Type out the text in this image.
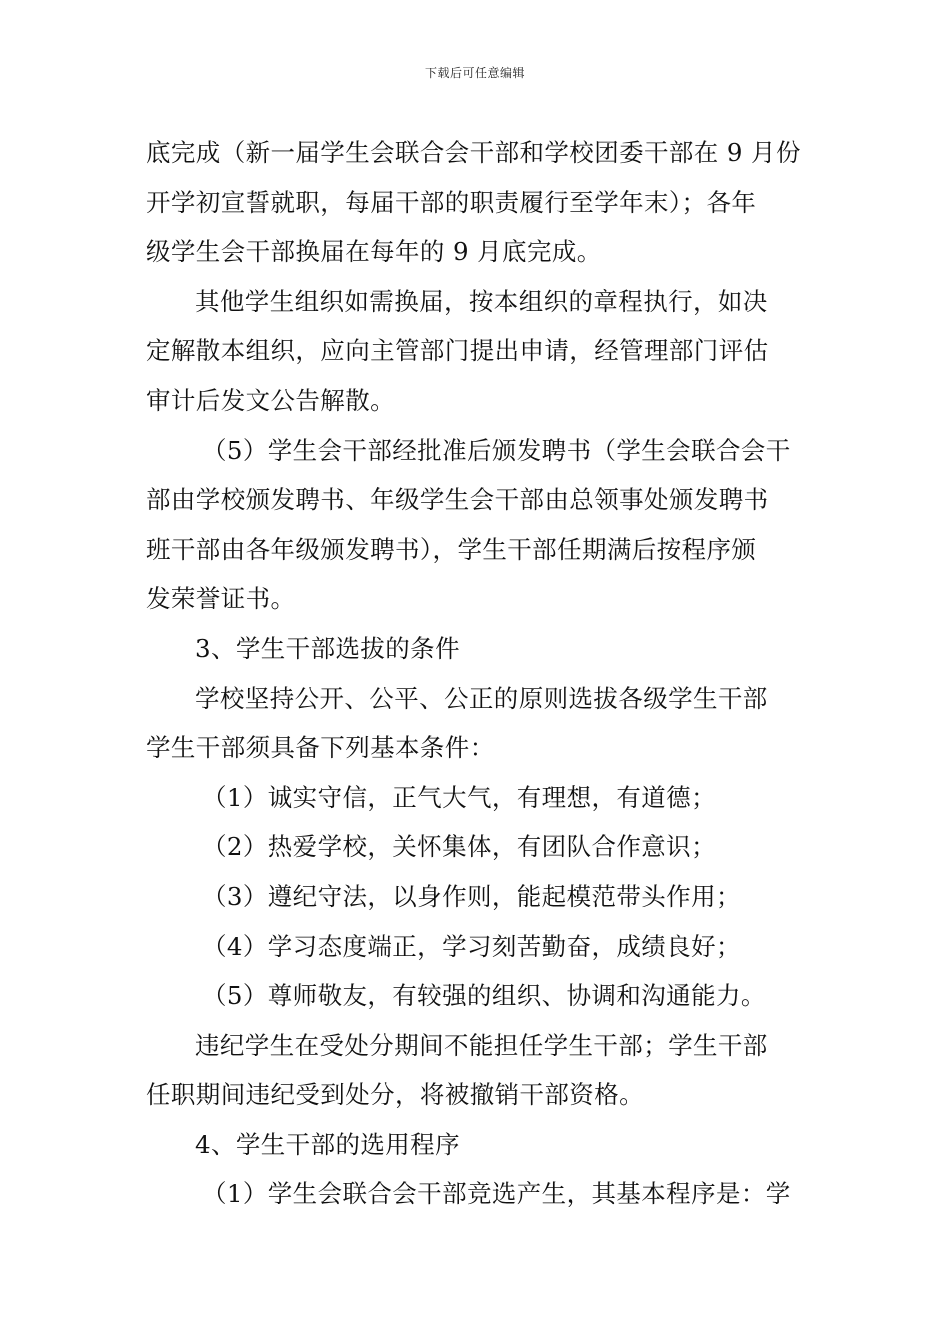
下载后可任意编辑
底完成（新一届学生会联合会干部和学校团委干部在 9 月份
开学初宣誓就职，每届干部的职责履行至学年末）；各年
级学生会干部换届在每年的 9 月底完成。
其他学生组织如需换届，按本组织的章程执行，如决
定解散本组织，应向主管部门提出申请，经管理部门评估
审计后发文公告解散。
（5）学生会干部经批准后颁发聘书（学生会联合会干
部由学校颁发聘书、年级学生会干部由总领事处颁发聘书
班干部由各年级颁发聘书），学生干部任期满后按程序颁
发荣誉证书。
3、学生干部选拔的条件
学校坚持公开、公平、公正的原则选拔各级学生干部
学生干部须具备下列基本条件：
（1）诚实守信，正气大气，有理想，有道德；
（2）热爱学校，关怀集体，有团队合作意识；
（3）遵纪守法，以身作则，能起模范带头作用；
（4）学习态度端正，学习刻苦勤奋，成绩良好；
（5）尊师敬友，有较强的组织、协调和沟通能力。
违纪学生在受处分期间不能担任学生干部；学生干部
任职期间违纪受到处分，将被撤销干部资格。
4、学生干部的选用程序
（1）学生会联合会干部竞选产生，其基本程序是：学
